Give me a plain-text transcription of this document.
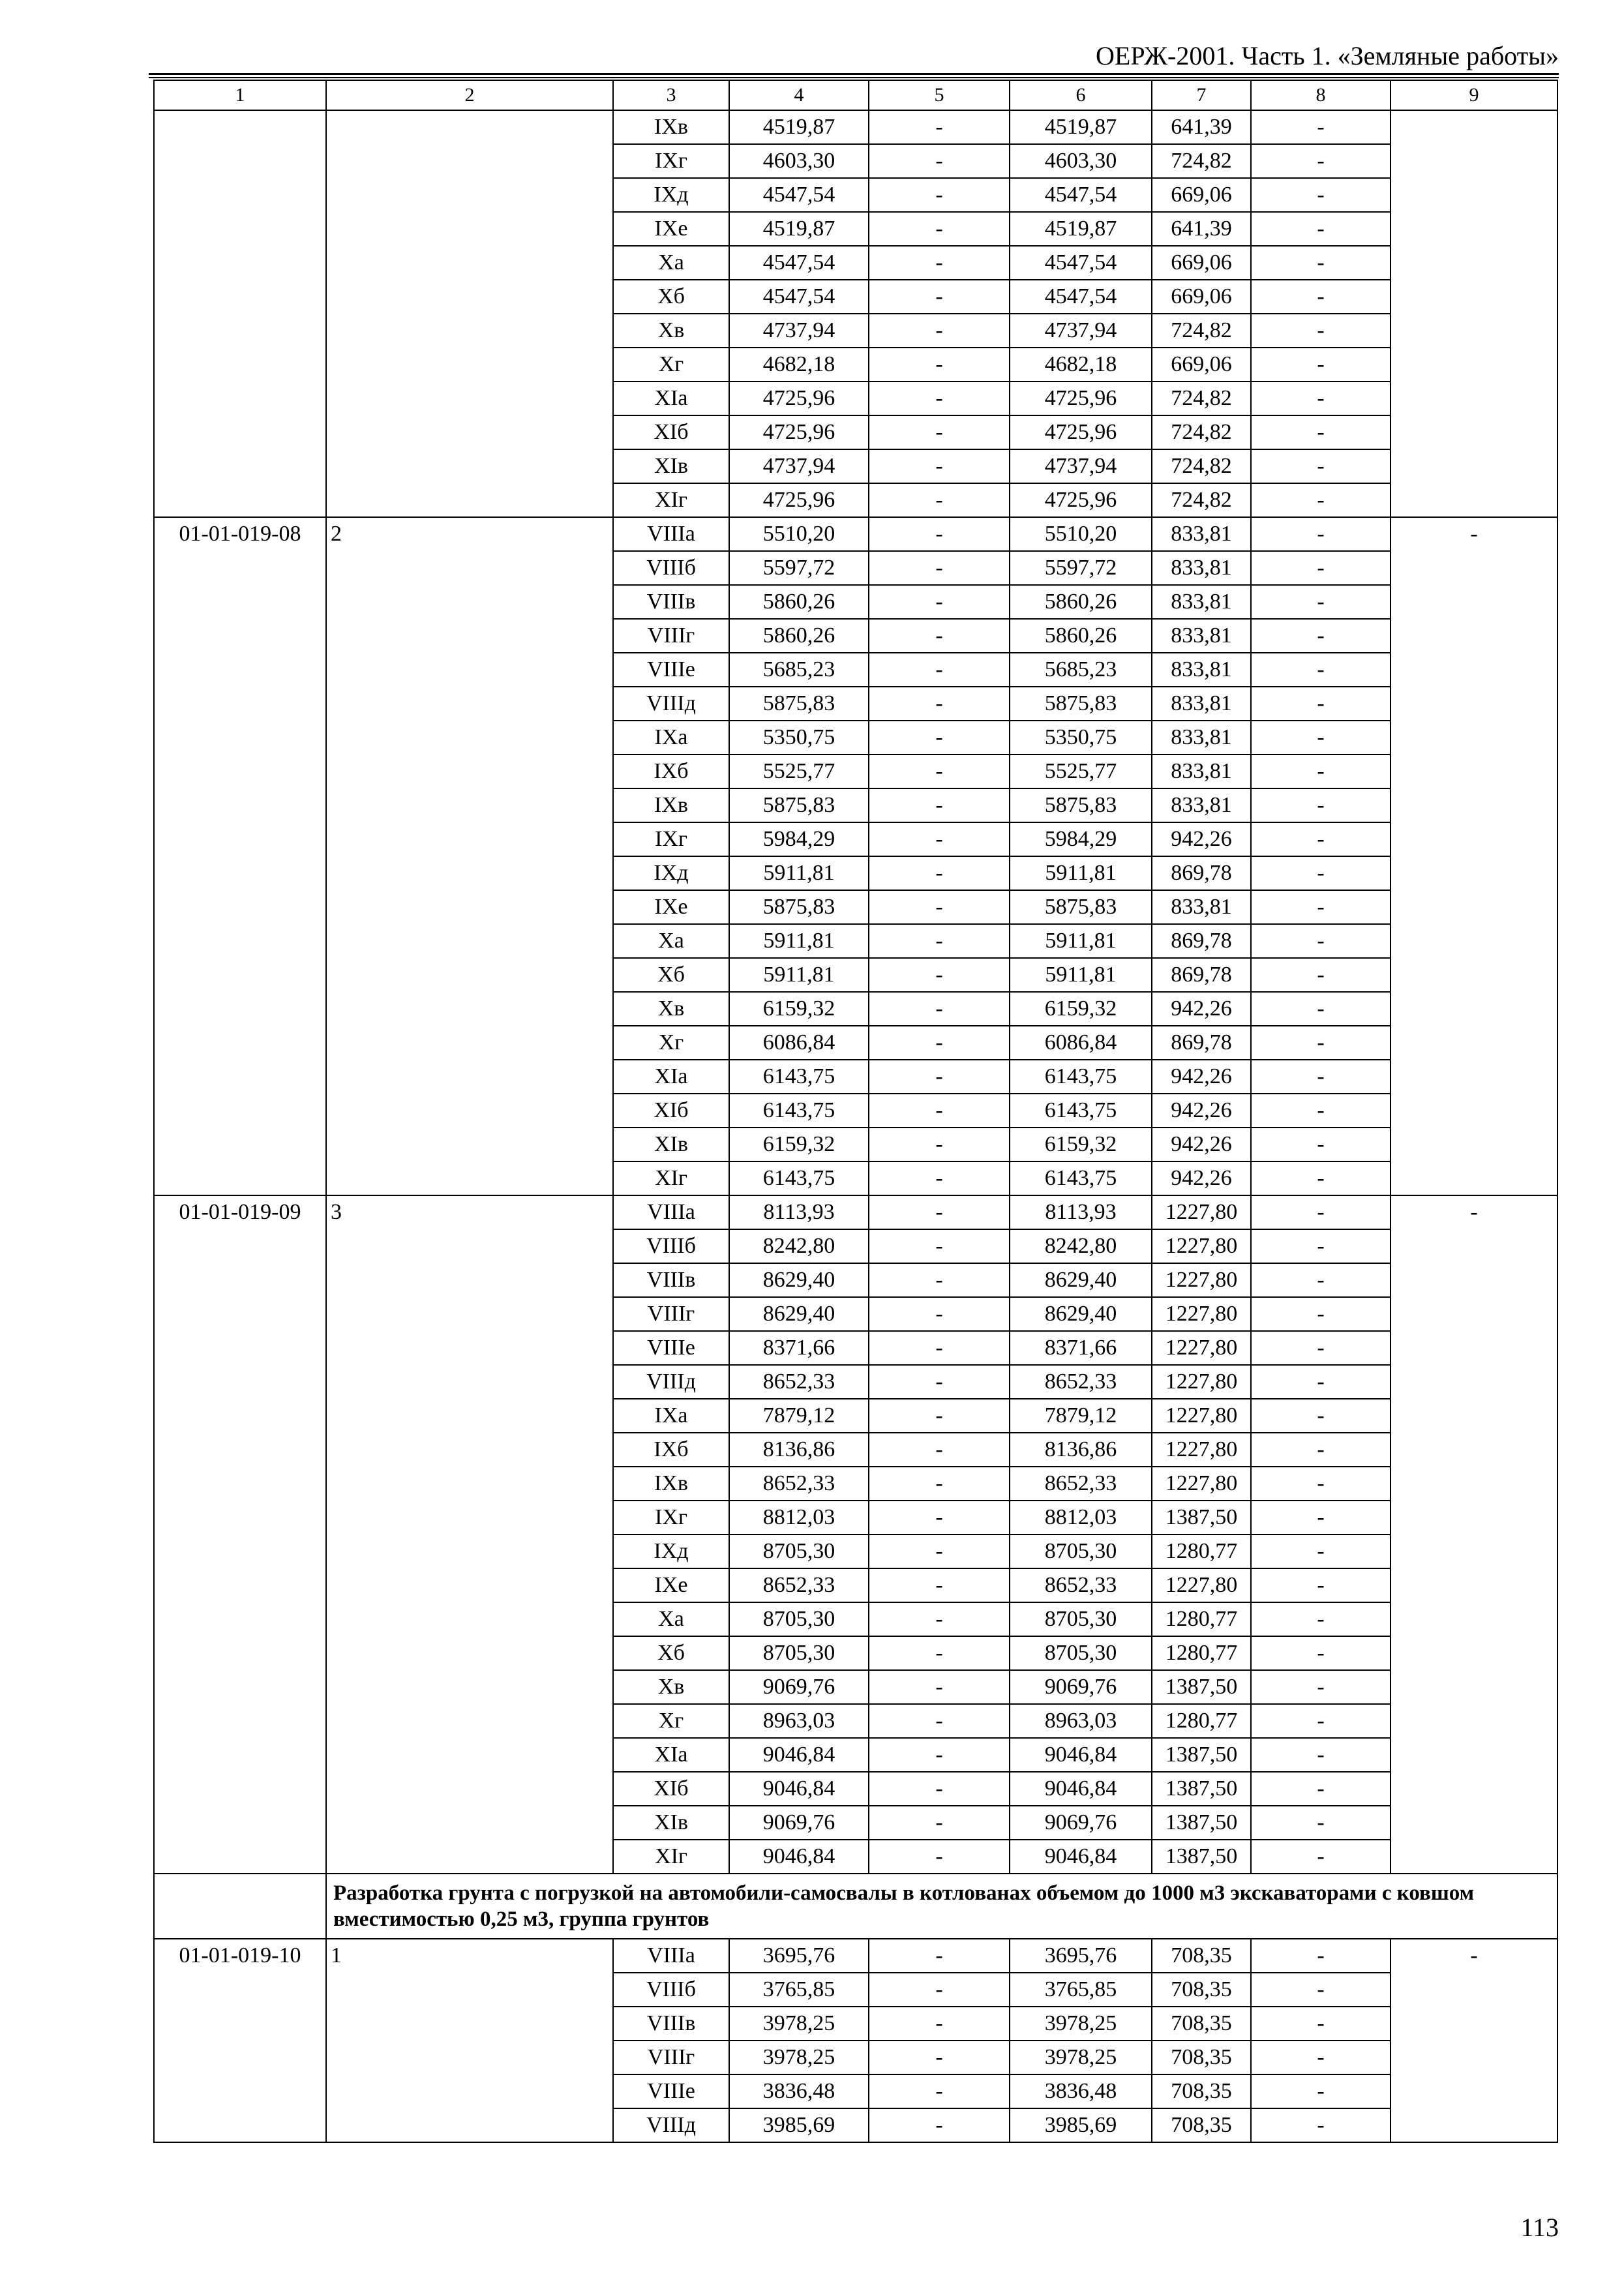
ОЕРЖ-2001. Часть 1. «Земляные работы»
1	2	3	4	5	6	7	8	9
		IXв	4519,87	-	4519,87	641,39	-	
		IXг	4603,30	-	4603,30	724,82	-	
		IXд	4547,54	-	4547,54	669,06	-	
		IXе	4519,87	-	4519,87	641,39	-	
		Xа	4547,54	-	4547,54	669,06	-	
		Xб	4547,54	-	4547,54	669,06	-	
		Xв	4737,94	-	4737,94	724,82	-	
		Xг	4682,18	-	4682,18	669,06	-	
		XIа	4725,96	-	4725,96	724,82	-	
		XIб	4725,96	-	4725,96	724,82	-	
		XIв	4737,94	-	4737,94	724,82	-	
		XIг	4725,96	-	4725,96	724,82	-	
01-01-019-08	2	VIIIа	5510,20	-	5510,20	833,81	-	-
		VIIIб	5597,72	-	5597,72	833,81	-	
		VIIIв	5860,26	-	5860,26	833,81	-	
		VIIIг	5860,26	-	5860,26	833,81	-	
		VIIIе	5685,23	-	5685,23	833,81	-	
		VIIIд	5875,83	-	5875,83	833,81	-	
		IXа	5350,75	-	5350,75	833,81	-	
		IXб	5525,77	-	5525,77	833,81	-	
		IXв	5875,83	-	5875,83	833,81	-	
		IXг	5984,29	-	5984,29	942,26	-	
		IXд	5911,81	-	5911,81	869,78	-	
		IXе	5875,83	-	5875,83	833,81	-	
		Xа	5911,81	-	5911,81	869,78	-	
		Xб	5911,81	-	5911,81	869,78	-	
		Xв	6159,32	-	6159,32	942,26	-	
		Xг	6086,84	-	6086,84	869,78	-	
		XIа	6143,75	-	6143,75	942,26	-	
		XIб	6143,75	-	6143,75	942,26	-	
		XIв	6159,32	-	6159,32	942,26	-	
		XIг	6143,75	-	6143,75	942,26	-	
01-01-019-09	3	VIIIа	8113,93	-	8113,93	1227,80	-	-
		VIIIб	8242,80	-	8242,80	1227,80	-	
		VIIIв	8629,40	-	8629,40	1227,80	-	
		VIIIг	8629,40	-	8629,40	1227,80	-	
		VIIIе	8371,66	-	8371,66	1227,80	-	
		VIIIд	8652,33	-	8652,33	1227,80	-	
		IXа	7879,12	-	7879,12	1227,80	-	
		IXб	8136,86	-	8136,86	1227,80	-	
		IXв	8652,33	-	8652,33	1227,80	-	
		IXг	8812,03	-	8812,03	1387,50	-	
		IXд	8705,30	-	8705,30	1280,77	-	
		IXе	8652,33	-	8652,33	1227,80	-	
		Xа	8705,30	-	8705,30	1280,77	-	
		Xб	8705,30	-	8705,30	1280,77	-	
		Xв	9069,76	-	9069,76	1387,50	-	
		Xг	8963,03	-	8963,03	1280,77	-	
		XIа	9046,84	-	9046,84	1387,50	-	
		XIб	9046,84	-	9046,84	1387,50	-	
		XIв	9069,76	-	9069,76	1387,50	-	
		XIг	9046,84	-	9046,84	1387,50	-	
	Разработка грунта с погрузкой на автомобили-самосвалы в котлованах объемом до 1000 м3 экскаваторами с ковшом вместимостью 0,25 м3, группа грунтов							
01-01-019-10	1	VIIIа	3695,76	-	3695,76	708,35	-	-
		VIIIб	3765,85	-	3765,85	708,35	-	
		VIIIв	3978,25	-	3978,25	708,35	-	
		VIIIг	3978,25	-	3978,25	708,35	-	
		VIIIе	3836,48	-	3836,48	708,35	-	
		VIIIд	3985,69	-	3985,69	708,35	-	
113
